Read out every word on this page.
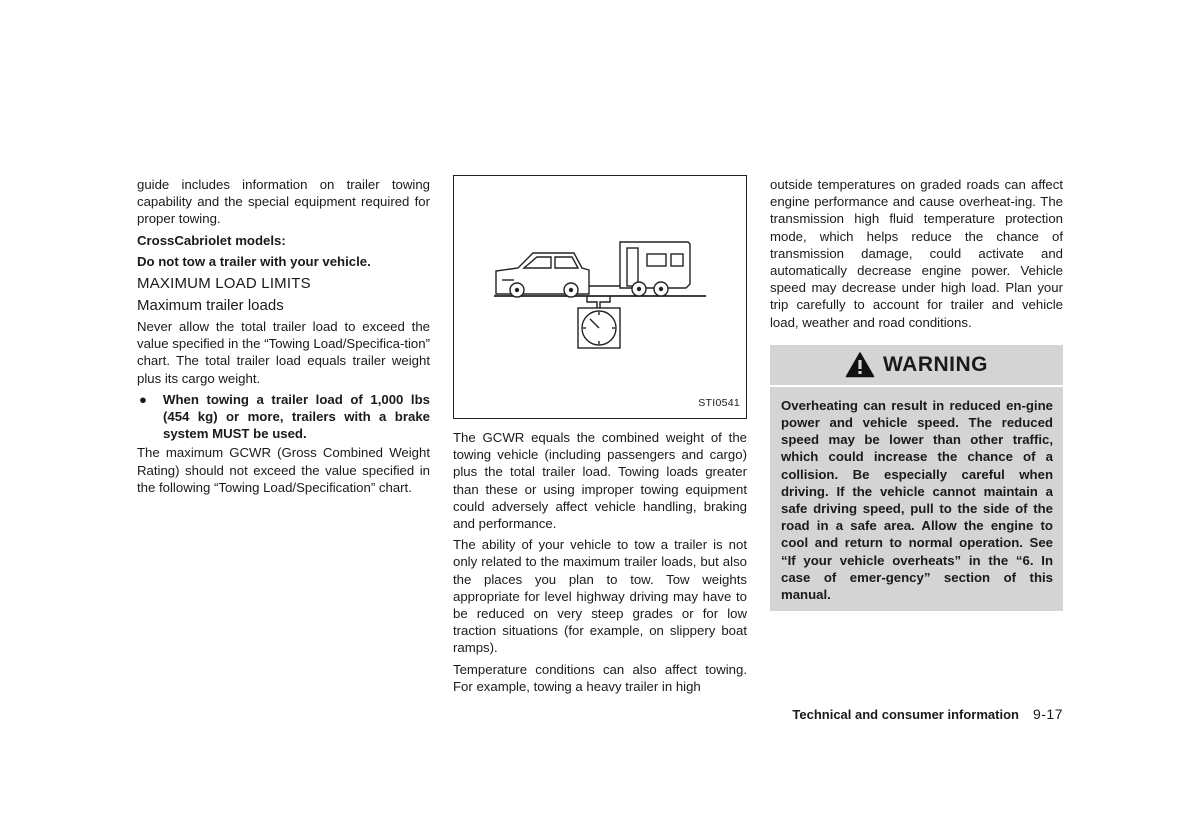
guide includes information on trailer towing capability and the special equipment required for proper towing.

CrossCabriolet models:

Do not tow a trailer with your vehicle.

MAXIMUM LOAD LIMITS
Maximum trailer loads

Never allow the total trailer load to exceed the value specified in the “Towing Load/Specifica-tion” chart. The total trailer load equals trailer weight plus its cargo weight.

●	When towing a trailer load of 1,000 lbs (454 kg) or more, trailers with a brake system MUST be used.

The maximum GCWR (Gross Combined Weight Rating) should not exceed the value specified in the following “Towing Load/Specification” chart.

STI0541

The GCWR equals the combined weight of the towing vehicle (including passengers and cargo) plus the total trailer load. Towing loads greater than these or using improper towing equipment could adversely affect vehicle handling, braking and performance.

The ability of your vehicle to tow a trailer is not only related to the maximum trailer loads, but also the places you plan to tow. Tow weights appropriate for level highway driving may have to be reduced on very steep grades or for low traction situations (for example, on slippery boat ramps).

Temperature conditions can also affect towing. For example, towing a heavy trailer in high

outside temperatures on graded roads can affect engine performance and cause overheat-ing. The transmission high fluid temperature protection mode, which helps reduce the chance of transmission damage, could activate and automatically decrease engine power. Vehicle speed may decrease under high load. Plan your trip carefully to account for trailer and vehicle load, weather and road conditions.

WARNING
Overheating can result in reduced en-gine power and vehicle speed. The reduced speed may be lower than other traffic, which could increase the chance of a collision. Be especially careful when driving. If the vehicle cannot maintain a safe driving speed, pull to the side of the road in a safe area. Allow the engine to cool and return to normal operation. See “If your vehicle overheats” in the “6. In case of emer-gency” section of this manual.
Technical and consumer information 9-17
